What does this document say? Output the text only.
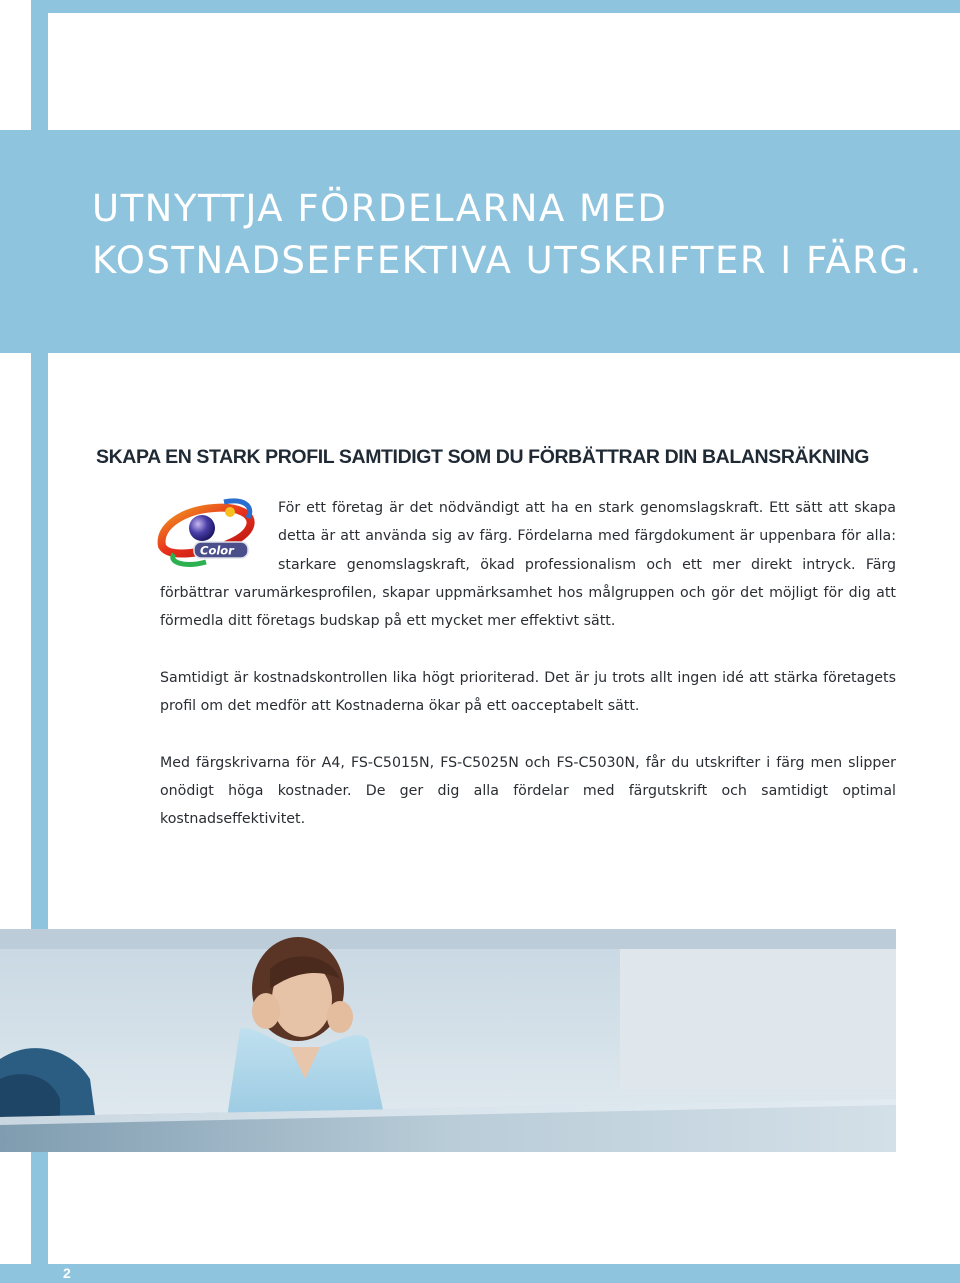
UTNYTTJA FÖRDELARNA MED
KOSTNADSEFFEKTIVA UTSKRIFTER I FÄRG.
SKAPA EN STARK PROFIL SAMTIDIGT SOM DU FÖRBÄTTRAR DIN BALANSRÄKNING

Color
För ett företag är det nödvändigt att ha en stark genomslagskraft. Ett sätt att skapa detta är att använda sig av färg. Fördelarna med färgdokument är uppenbara för alla: starkare genomslagskraft, ökad professionalism och ett mer direkt intryck. Färg förbättrar varumärkesprofilen, skapar uppmärksamhet hos målgruppen och gör det möjligt för dig att förmedla ditt företags budskap på ett mycket mer effektivt sätt.

Samtidigt är kostnadskontrollen lika högt prioriterad. Det är ju trots allt ingen idé att stärka företagets profil om det medför att Kostnaderna ökar på ett oacceptabelt sätt.

Med färgskrivarna för A4, FS-C5015N, FS-C5025N och FS-C5030N, får du utskrifter i färg men slipper onödigt höga kostnader. De ger dig alla fördelar med färgutskrift och samtidigt optimal kostnadseffektivitet.

2
